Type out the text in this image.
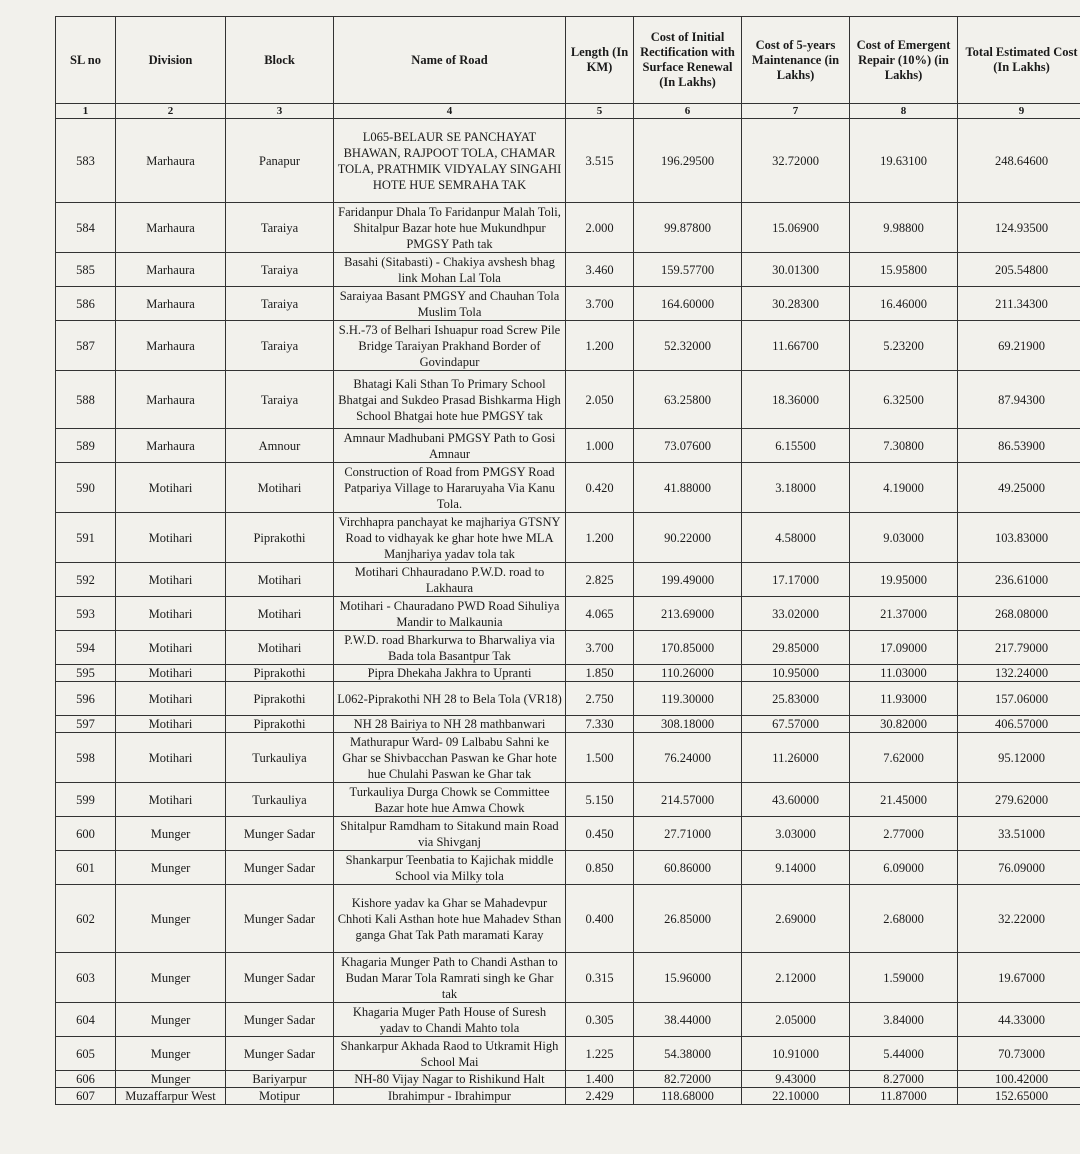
SL no	Division	Block	Name of Road	Length (In KM)	Cost of Initial Rectification with Surface Renewal (In Lakhs)	Cost of 5-years Maintenance (in Lakhs)	Cost of Emergent Repair (10%) (in Lakhs)	Total Estimated Cost (In Lakhs)
1	2	3	4	5	6	7	8	9
583	Marhaura	Panapur	L065-BELAUR SE PANCHAYAT BHAWAN, RAJPOOT TOLA, CHAMAR TOLA, PRATHMIK VIDYALAY SINGAHI HOTE HUE SEMRAHA TAK	3.515	196.29500	32.72000	19.63100	248.64600
584	Marhaura	Taraiya	Faridanpur Dhala To Faridanpur Malah Toli, Shitalpur Bazar hote hue Mukundhpur PMGSY Path tak	2.000	99.87800	15.06900	9.98800	124.93500
585	Marhaura	Taraiya	Basahi (Sitabasti) - Chakiya avshesh bhag link Mohan Lal Tola	3.460	159.57700	30.01300	15.95800	205.54800
586	Marhaura	Taraiya	Saraiyaa Basant PMGSY and Chauhan Tola Muslim Tola	3.700	164.60000	30.28300	16.46000	211.34300
587	Marhaura	Taraiya	S.H.-73 of Belhari Ishuapur road Screw Pile Bridge Taraiyan Prakhand Border of Govindapur	1.200	52.32000	11.66700	5.23200	69.21900
588	Marhaura	Taraiya	Bhatagi Kali Sthan To Primary School Bhatgai and Sukdeo Prasad Bishkarma High School Bhatgai hote hue PMGSY tak	2.050	63.25800	18.36000	6.32500	87.94300
589	Marhaura	Amnour	Amnaur Madhubani PMGSY Path to Gosi Amnaur	1.000	73.07600	6.15500	7.30800	86.53900
590	Motihari	Motihari	Construction of Road from PMGSY Road Patpariya Village to Hararuyaha Via Kanu Tola.	0.420	41.88000	3.18000	4.19000	49.25000
591	Motihari	Piprakothi	Virchhapra panchayat ke majhariya GTSNY Road to vidhayak ke ghar hote hwe MLA Manjhariya yadav tola tak	1.200	90.22000	4.58000	9.03000	103.83000
592	Motihari	Motihari	Motihari Chhauradano P.W.D. road to Lakhaura	2.825	199.49000	17.17000	19.95000	236.61000
593	Motihari	Motihari	Motihari - Chauradano PWD Road Sihuliya Mandir to Malkaunia	4.065	213.69000	33.02000	21.37000	268.08000
594	Motihari	Motihari	P.W.D. road Bharkurwa to Bharwaliya via Bada tola Basantpur Tak	3.700	170.85000	29.85000	17.09000	217.79000
595	Motihari	Piprakothi	Pipra Dhekaha Jakhra to Upranti	1.850	110.26000	10.95000	11.03000	132.24000
596	Motihari	Piprakothi	L062-Piprakothi NH 28 to Bela Tola (VR18)	2.750	119.30000	25.83000	11.93000	157.06000
597	Motihari	Piprakothi	NH 28 Bairiya to NH 28 mathbanwari	7.330	308.18000	67.57000	30.82000	406.57000
598	Motihari	Turkauliya	Mathurapur Ward- 09 Lalbabu Sahni ke Ghar se Shivbacchan Paswan ke Ghar hote hue Chulahi Paswan ke Ghar tak	1.500	76.24000	11.26000	7.62000	95.12000
599	Motihari	Turkauliya	Turkauliya Durga Chowk se Committee Bazar hote hue Amwa Chowk	5.150	214.57000	43.60000	21.45000	279.62000
600	Munger	Munger Sadar	Shitalpur Ramdham to Sitakund main Road via Shivganj	0.450	27.71000	3.03000	2.77000	33.51000
601	Munger	Munger Sadar	Shankarpur Teenbatia to Kajichak middle School via Milky tola	0.850	60.86000	9.14000	6.09000	76.09000
602	Munger	Munger Sadar	Kishore yadav ka Ghar se Mahadevpur Chhoti Kali Asthan hote hue Mahadev Sthan ganga Ghat Tak Path maramati Karay	0.400	26.85000	2.69000	2.68000	32.22000
603	Munger	Munger Sadar	Khagaria Munger Path to Chandi Asthan to Budan Marar Tola Ramrati singh ke Ghar tak	0.315	15.96000	2.12000	1.59000	19.67000
604	Munger	Munger Sadar	Khagaria Muger Path House of Suresh yadav to Chandi Mahto tola	0.305	38.44000	2.05000	3.84000	44.33000
605	Munger	Munger Sadar	Shankarpur Akhada Raod to Utkramit High School Mai	1.225	54.38000	10.91000	5.44000	70.73000
606	Munger	Bariyarpur	NH-80 Vijay Nagar to Rishikund Halt	1.400	82.72000	9.43000	8.27000	100.42000
607	Muzaffarpur West	Motipur	Ibrahimpur - Ibrahimpur	2.429	118.68000	22.10000	11.87000	152.65000
